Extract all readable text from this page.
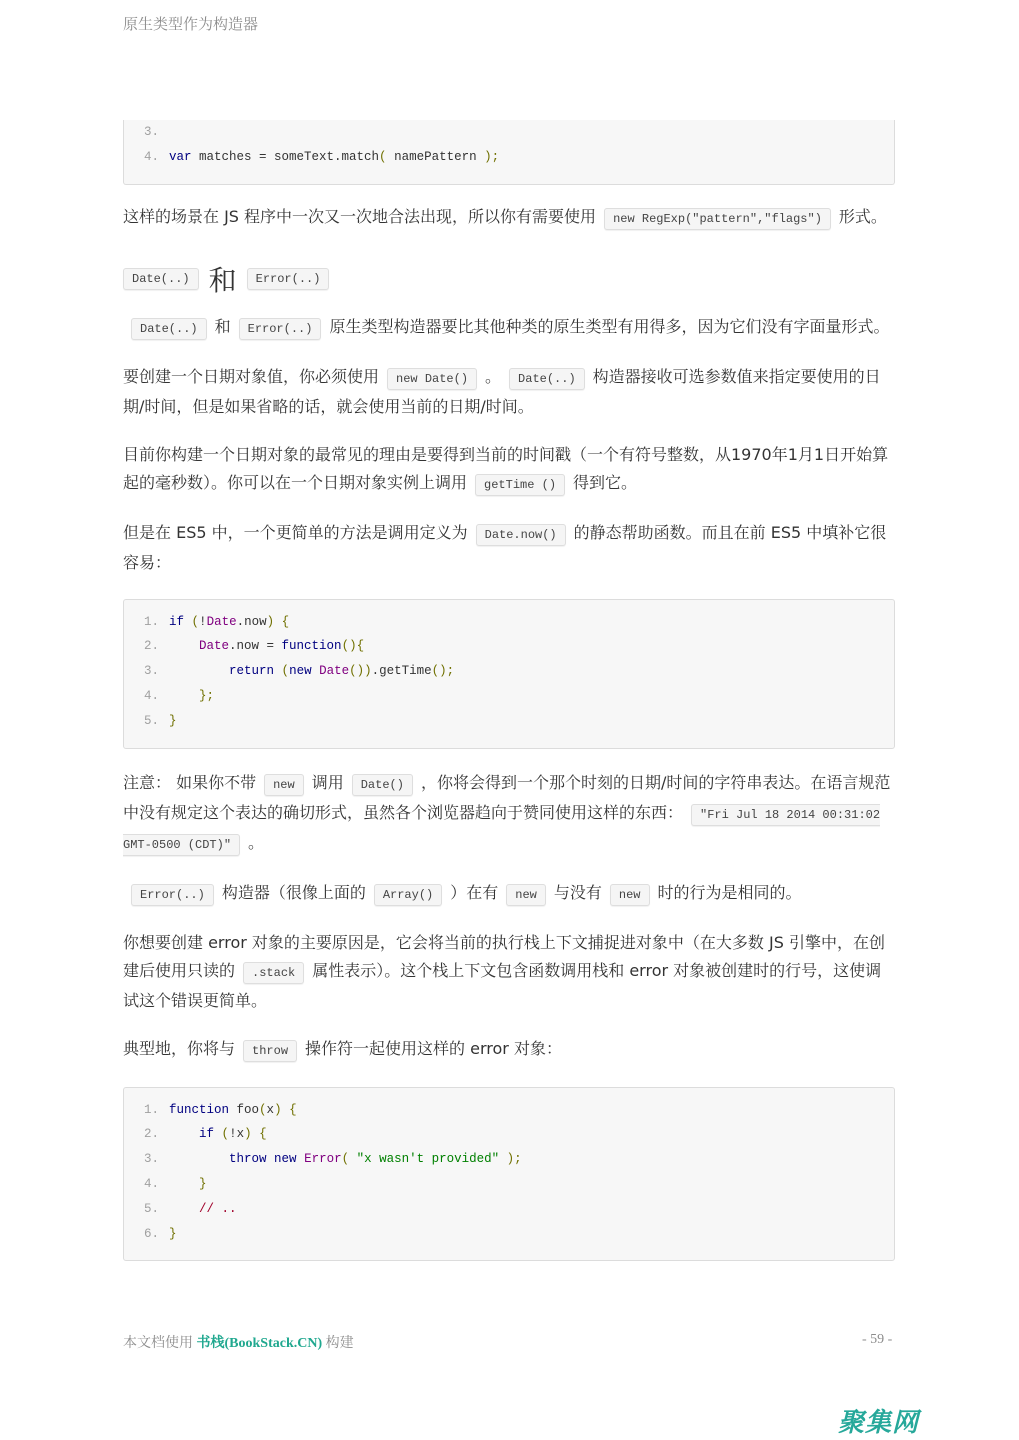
原生类型作为构造器
3.
4. var matches = someText.match( namePattern );

这样的场景在 JS 程序中一次又一次地合法出现，所以你有需要使用 new RegExp("pattern","flags") 形式。

Date(..) 和	Error(..)

Date(..) 和 Error(..) 原生类型构造器要比其他种类的原生类型有用得多，因为它们没有字面量形式。

要创建一个日期对象值，你必须使用 new Date() 。 Date(..) 构造器接收可选参数值来指定要使用的日期/时间，但是如果省略的话，就会使用当前的日期/时间。

目前你构建一个日期对象的最常见的理由是要得到当前的时间戳（一个有符号整数，从1970年1月1日开始算起的毫秒数）。你可以在一个日期对象实例上调用 getTime () 得到它。

但是在 ES5 中，一个更简单的方法是调用定义为 Date.now() 的静态帮助函数。而且在前 ES5 中填补它很容易：

1. if (!Date.now) {
2.	Date.now = function(){
3.	return (new Date()).getTime();
4.	};
5. }

注意： 如果你不带 new 调用 Date() ，你将会得到一个那个时刻的日期/时间的字符串表达。在语言规范中没有规定这个表达的确切形式，虽然各个浏览器趋向于赞同使用这样的东西： "Fri Jul 18 2014 00:31:02 GMT-0500 (CDT)" 。

Error(..) 构造器（很像上面的 Array() ）在有 new 与没有 new 时的行为是相同的。

你想要创建 error 对象的主要原因是，它会将当前的执行栈上下文捕捉进对象中（在大多数 JS 引擎中，在创建后使用只读的 .stack 属性表示）。这个栈上下文包含函数调用栈和 error 对象被创建时的行号，这使调试这个错误更简单。

典型地，你将与 throw 操作符一起使用这样的 error 对象：

1. function foo(x) {
2.	if (!x) {
3.	throw new Error( "x wasn't provided" );
4.	}
5.	// ..
6. }
本文档使用 书栈(BookStack.CN) 构建	- 59 -
聚集网
